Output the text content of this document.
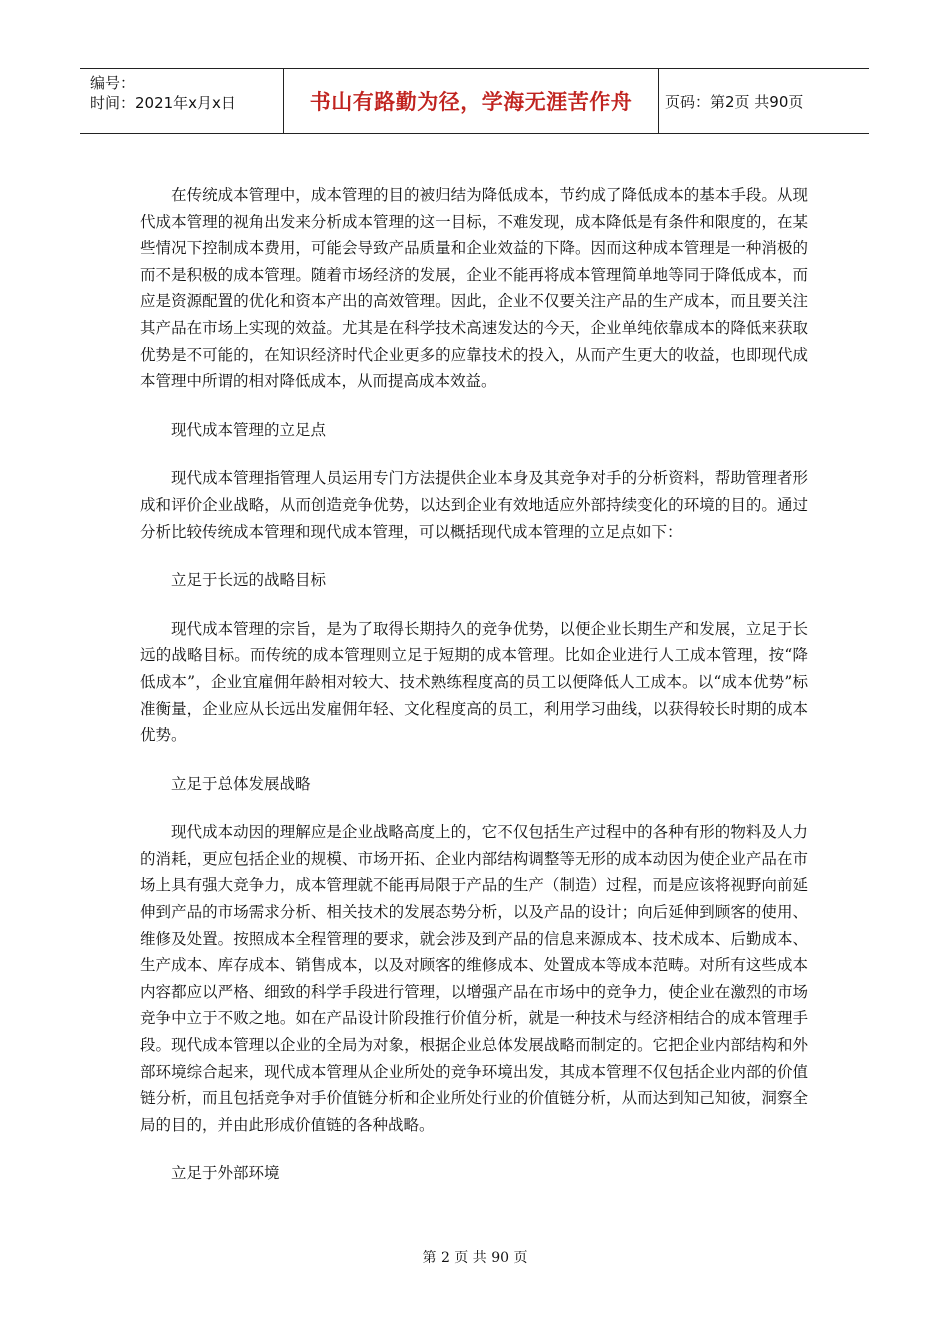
编号：
时间：2021年x月x日	书山有路勤为径，学海无涯苦作舟	页码：第2页 共90页

在传统成本管理中，成本管理的目的被归结为降低成本，节约成了降低成本的基本手段。从现代成本管理的视角出发来分析成本管理的这一目标，不难发现，成本降低是有条件和限度的，在某些情况下控制成本费用，可能会导致产品质量和企业效益的下降。因而这种成本管理是一种消极的而不是积极的成本管理。随着市场经济的发展，企业不能再将成本管理简单地等同于降低成本，而应是资源配置的优化和资本产出的高效管理。因此，企业不仅要关注产品的生产成本，而且要关注其产品在市场上实现的效益。尤其是在科学技术高速发达的今天，企业单纯依靠成本的降低来获取优势是不可能的，在知识经济时代企业更多的应靠技术的投入，从而产生更大的收益，也即现代成本管理中所谓的相对降低成本，从而提高成本效益。

现代成本管理的立足点

现代成本管理指管理人员运用专门方法提供企业本身及其竞争对手的分析资料，帮助管理者形成和评价企业战略，从而创造竞争优势，以达到企业有效地适应外部持续变化的环境的目的。通过分析比较传统成本管理和现代成本管理，可以概括现代成本管理的立足点如下：

立足于长远的战略目标

现代成本管理的宗旨，是为了取得长期持久的竞争优势，以便企业长期生产和发展，立足于长远的战略目标。而传统的成本管理则立足于短期的成本管理。比如企业进行人工成本管理，按“降低成本”，企业宜雇佣年龄相对较大、技术熟练程度高的员工以便降低人工成本。以“成本优势”标准衡量，企业应从长远出发雇佣年轻、文化程度高的员工，利用学习曲线，以获得较长时期的成本优势。

立足于总体发展战略

现代成本动因的理解应是企业战略高度上的，它不仅包括生产过程中的各种有形的物料及人力的消耗，更应包括企业的规模、市场开拓、企业内部结构调整等无形的成本动因为使企业产品在市场上具有强大竞争力，成本管理就不能再局限于产品的生产（制造）过程，而是应该将视野向前延伸到产品的市场需求分析、相关技术的发展态势分析，以及产品的设计；向后延伸到顾客的使用、维修及处置。按照成本全程管理的要求，就会涉及到产品的信息来源成本、技术成本、后勤成本、生产成本、库存成本、销售成本，以及对顾客的维修成本、处置成本等成本范畴。对所有这些成本内容都应以严格、细致的科学手段进行管理，以增强产品在市场中的竞争力，使企业在激烈的市场竞争中立于不败之地。如在产品设计阶段推行价值分析，就是一种技术与经济相结合的成本管理手段。现代成本管理以企业的全局为对象，根据企业总体发展战略而制定的。它把企业内部结构和外部环境综合起来，现代成本管理从企业所处的竞争环境出发，其成本管理不仅包括企业内部的价值链分析，而且包括竞争对手价值链分析和企业所处行业的价值链分析，从而达到知己知彼，洞察全局的目的，并由此形成价值链的各种战略。

立足于外部环境

第 2 页 共 90 页
